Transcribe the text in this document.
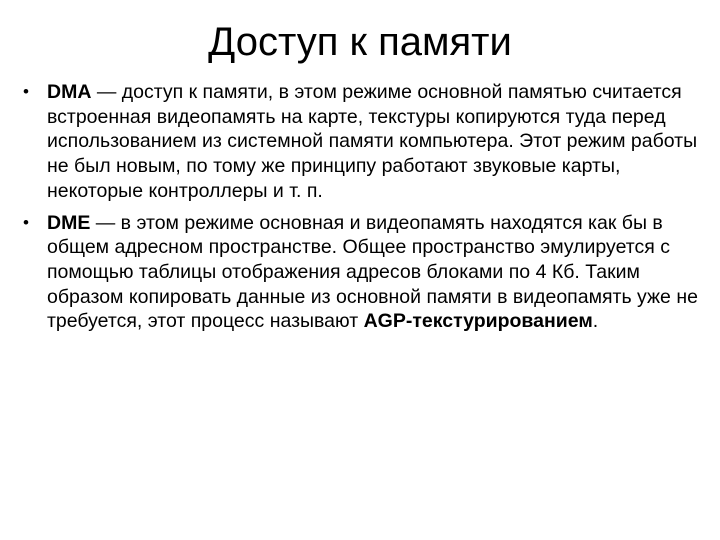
Доступ к памяти
• DMA — доступ к памяти, в этом режиме основной памятью считается встроенная видеопамять на карте, текстуры копируются туда перед использованием из системной памяти компьютера. Этот режим работы не был новым, по тому же принципу работают звуковые карты, некоторые контроллеры и т. п.
• DME — в этом режиме основная и видеопамять находятся как бы в общем адресном пространстве. Общее пространство эмулируется с помощью таблицы отображения адресов блоками по 4 Кб. Таким образом копировать данные из основной памяти в видеопамять уже не требуется, этот процесс называют AGP-текстурированием.
